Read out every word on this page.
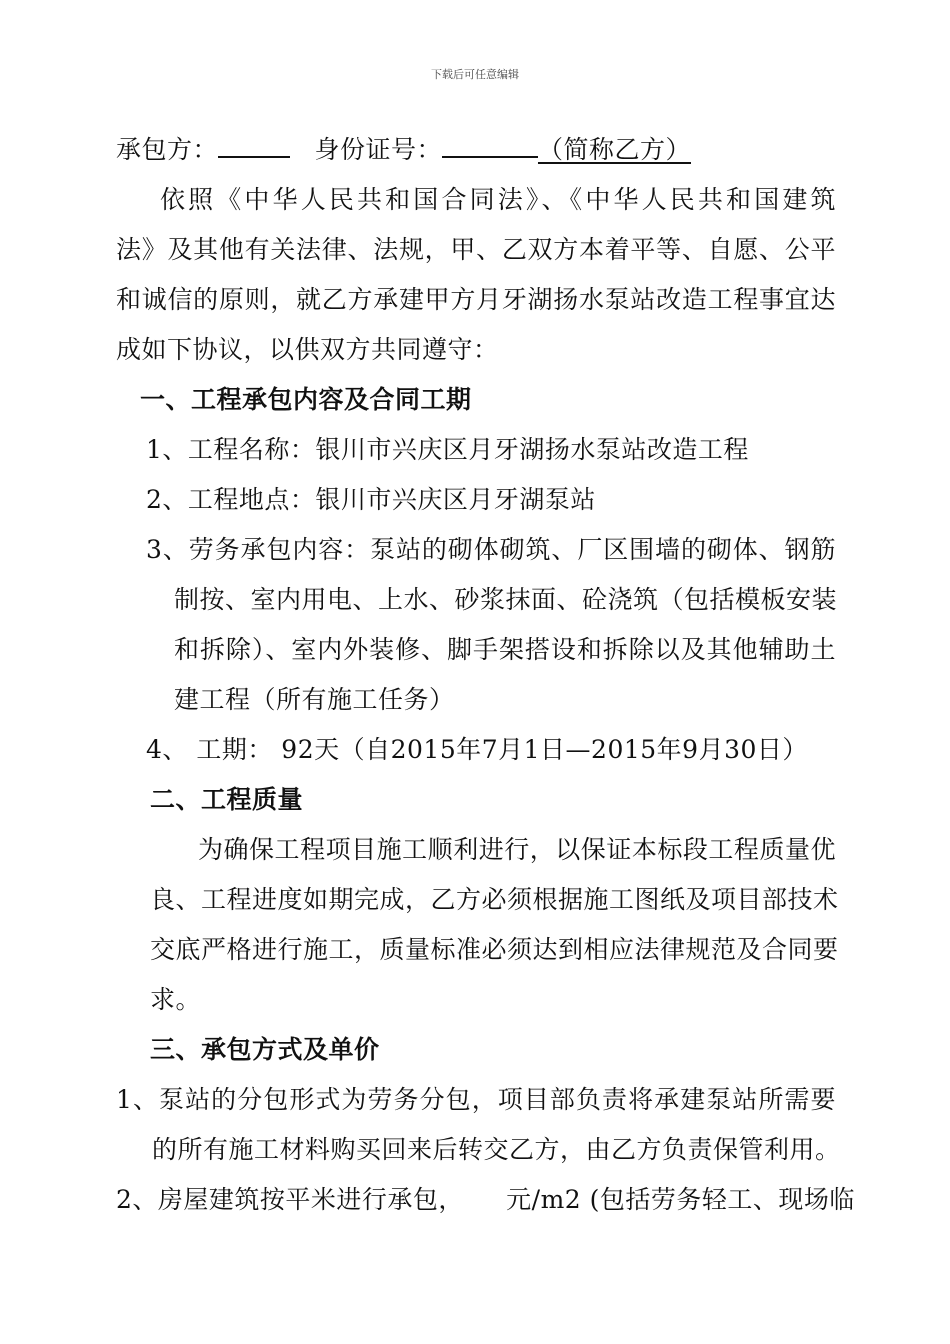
下载后可任意编辑
承包方：	身份证号：	（简称乙方）
依照《中华人民共和国合同法》、《中华人民共和国建筑
法》及其他有关法律、法规，甲、乙双方本着平等、自愿、公平
和诚信的原则，就乙方承建甲方月牙湖扬水泵站改造工程事宜达
成如下协议，以供双方共同遵守：
一、工程承包内容及合同工期
1、工程名称：银川市兴庆区月牙湖扬水泵站改造工程
2、工程地点：银川市兴庆区月牙湖泵站
3、劳务承包内容：泵站的砌体砌筑、厂区围墙的砌体、钢筋
制按、室内用电、上水、砂浆抹面、砼浇筑（包括模板安装
和拆除）、室内外装修、脚手架搭设和拆除以及其他辅助土
建工程（所有施工任务）
4、 工期： 92天（自2015年7月1日—2015年9月30日）
二、工程质量
为确保工程项目施工顺利进行，以保证本标段工程质量优
良、工程进度如期完成，乙方必须根据施工图纸及项目部技术
交底严格进行施工，质量标准必须达到相应法律规范及合同要
求。
三、承包方式及单价
1、泵站的分包形式为劳务分包，项目部负责将承建泵站所需要
的所有施工材料购买回来后转交乙方，由乙方负责保管利用。
2、房屋建筑按平米进行承包，     元/m2 (包括劳务轻工、现场临
